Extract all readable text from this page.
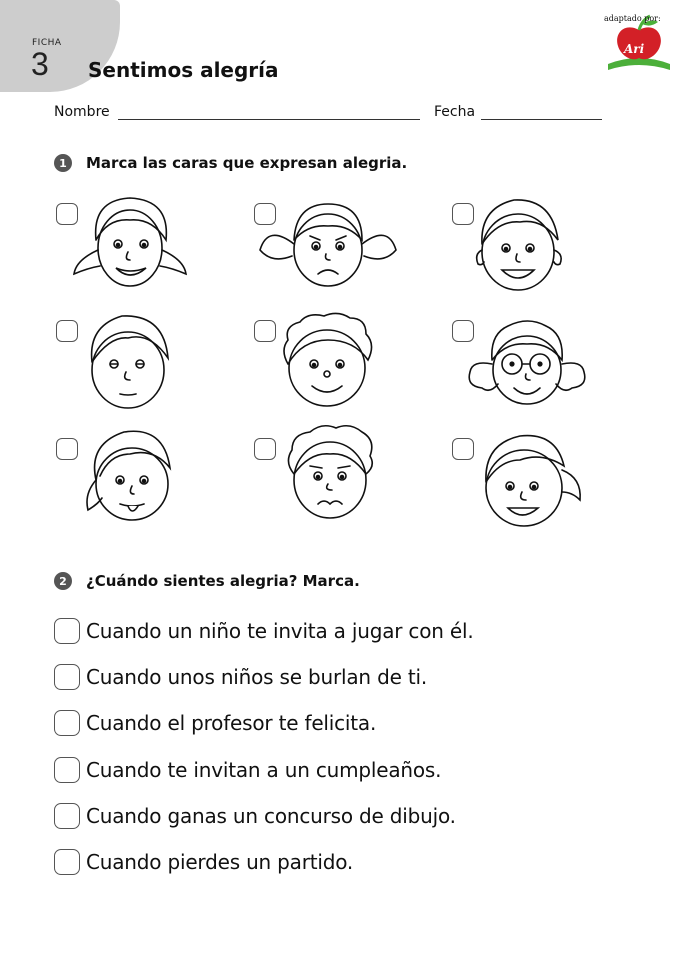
FICHA
3 Sentimos alegría
adaptado por:
Ari
Nombre	Fecha
1	Marca las caras que expresan alegria.
2	¿Cuándo sientes alegria? Marca.
Cuando un niño te invita a jugar con él.
Cuando unos niños se burlan de ti.
Cuando el profesor te felicita.
Cuando te invitan a un cumpleaños.
Cuando ganas un concurso de dibujo.
Cuando pierdes un partido.
